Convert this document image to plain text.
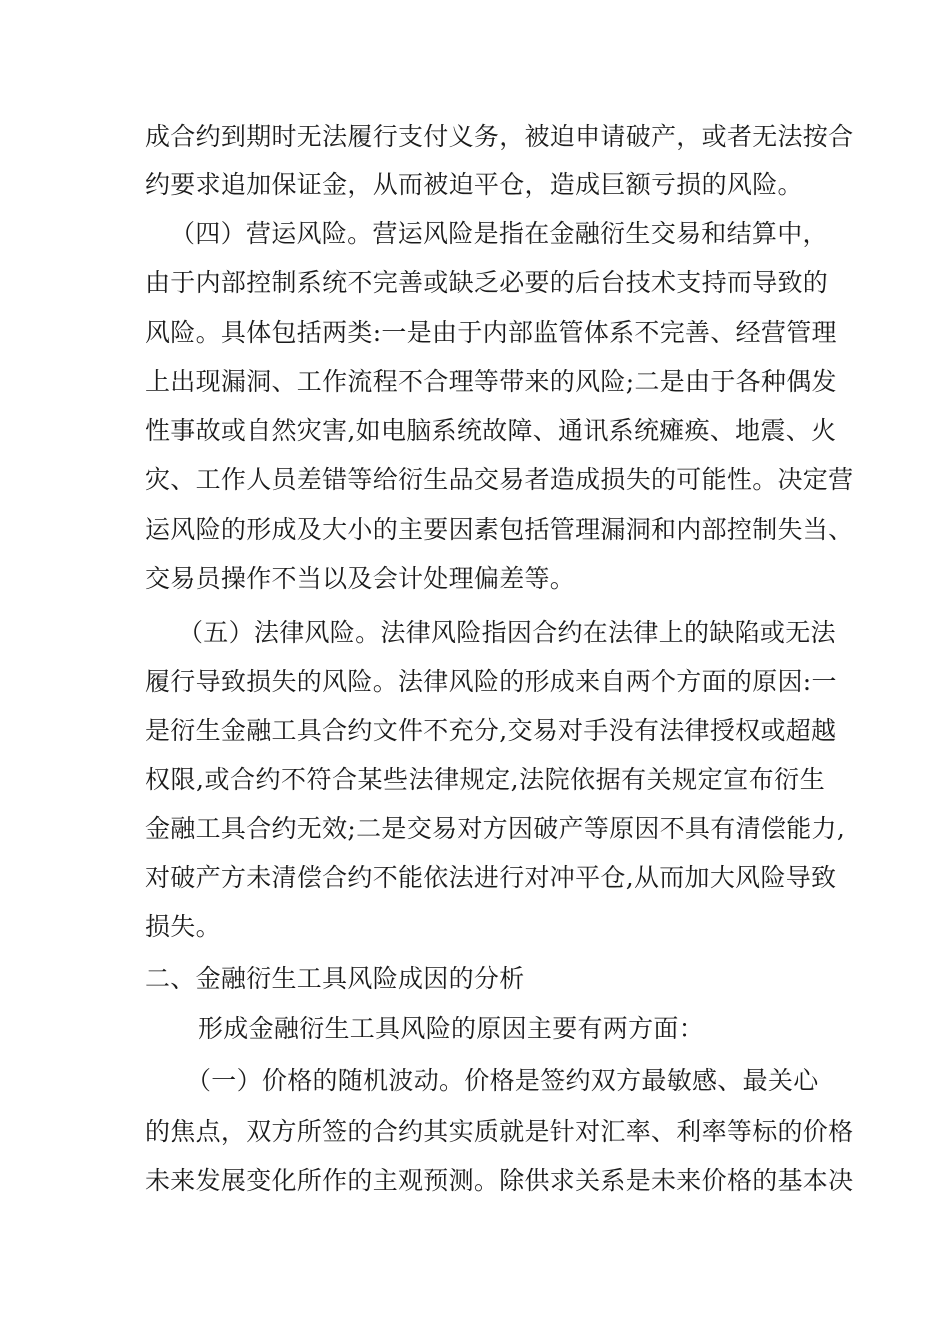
成合约到期时无法履行支付义务，被迫申请破产，或者无法按合
约要求追加保证金，从而被迫平仓，造成巨额亏损的风险。
（四）营运风险。营运风险是指在金融衍生交易和结算中，
由于内部控制系统不完善或缺乏必要的后台技术支持而导致的
风险。具体包括两类:一是由于内部监管体系不完善、经营管理
上出现漏洞、工作流程不合理等带来的风险;二是由于各种偶发
性事故或自然灾害,如电脑系统故障、通讯系统瘫痪、地震、火
灾、工作人员差错等给衍生品交易者造成损失的可能性。决定营
运风险的形成及大小的主要因素包括管理漏洞和内部控制失当、
交易员操作不当以及会计处理偏差等。
（五）法律风险。法律风险指因合约在法律上的缺陷或无法
履行导致损失的风险。法律风险的形成来自两个方面的原因:一
是衍生金融工具合约文件不充分,交易对手没有法律授权或超越
权限,或合约不符合某些法律规定,法院依据有关规定宣布衍生
金融工具合约无效;二是交易对方因破产等原因不具有清偿能力,
对破产方未清偿合约不能依法进行对冲平仓,从而加大风险导致
损失。
二、金融衍生工具风险成因的分析
形成金融衍生工具风险的原因主要有两方面：
（一）价格的随机波动。价格是签约双方最敏感、最关心
的焦点，双方所签的合约其实质就是针对汇率、利率等标的价格
未来发展变化所作的主观预测。除供求关系是未来价格的基本决
